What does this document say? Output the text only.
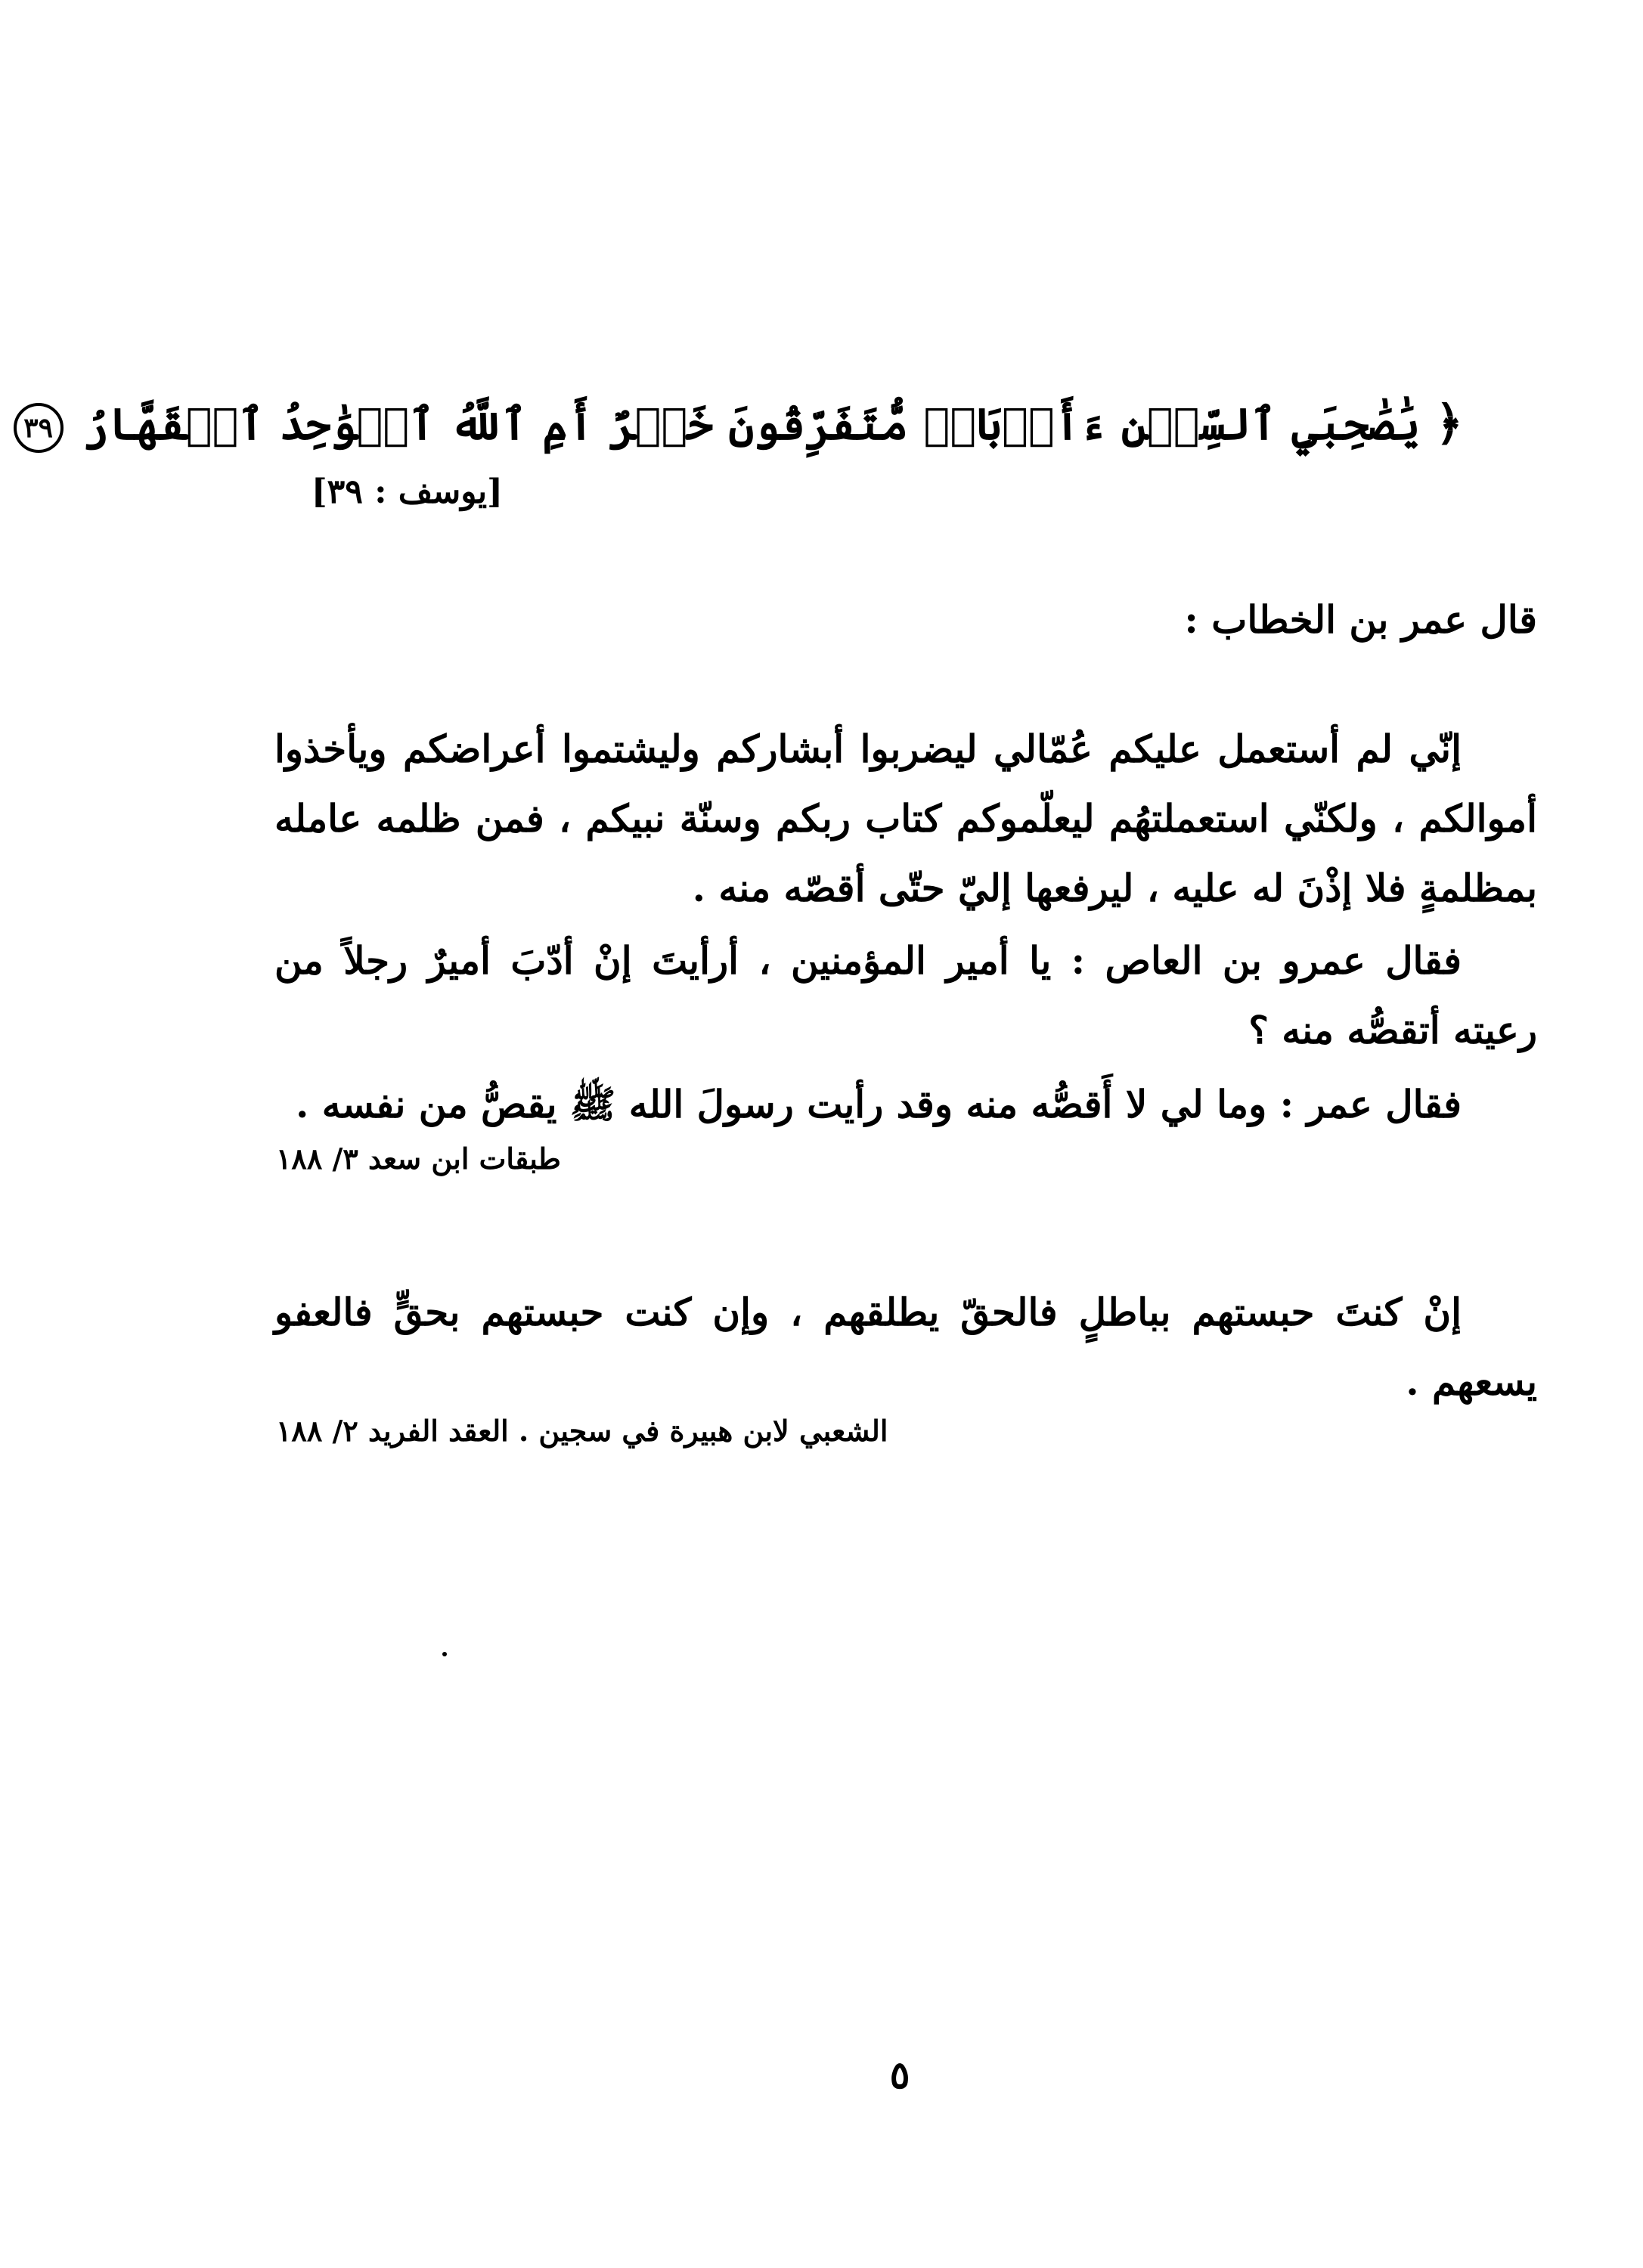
﴿ يَٰصَٰحِبَيِ ٱلسِّجۡنِ ءَأَرۡبَابٞ مُّتَفَرِّقُونَ خَيۡرٌ أَمِ ٱللَّهُ ٱلۡوَٰحِدُ ٱلۡقَهَّارُ ٣٩
[يوسف : ٣٩]
قال عمر بن الخطاب :

إنّي لم أستعمل عليكم عُمّالي ليضربوا أبشاركم وليشتموا أعراضكم ويأخذوا أموالكم ، ولكنّي استعملتهُم ليعلّموكم كتاب ربكم وسنّة نبيكم ، فمن ظلمه عامله بمظلمةٍ فلا إذْنَ له عليه ، ليرفعها إليّ حتّى أقصّه منه .

فقال عمرو بن العاص : يا أمير المؤمنين ، أرأيتَ إنْ أدّبَ أميرٌ رجلاً من رعيته أتقصُّه منه ؟

فقال عمر : وما لي لا أَقصُّه منه وقد رأيت رسولَ الله ﷺ يقصُّ من نفسه .

طبقات ابن سعد ٣/ ١٨٨

إنْ كنتَ حبستهم بباطلٍ فالحقّ يطلقهم ، وإن كنت حبستهم بحقٍّ فالعفو يسعهم .

الشعبي لابن هبيرة في سجين . العقد الفريد ٢/ ١٨٨
٥
